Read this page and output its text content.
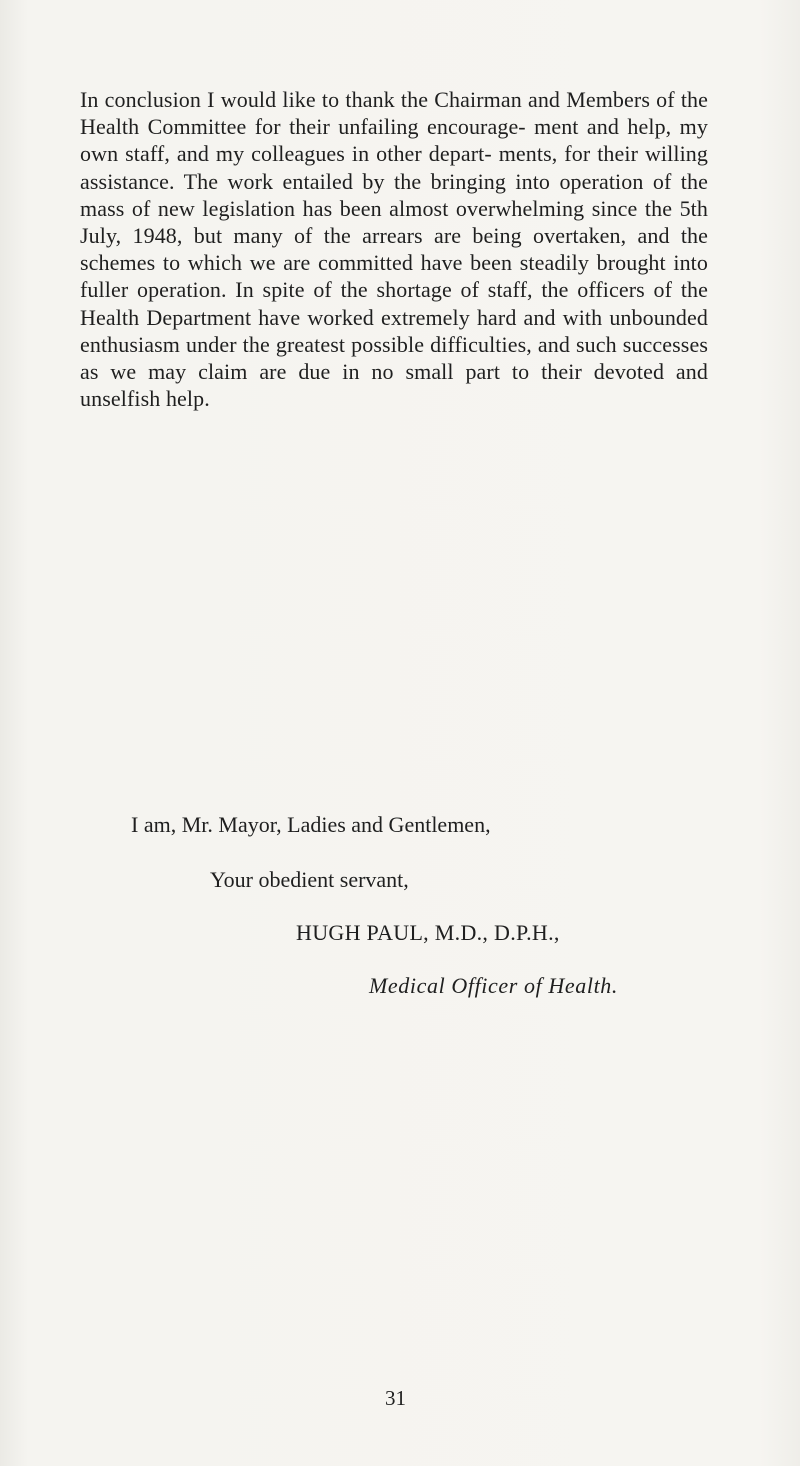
In conclusion I would like to thank the Chairman and Members of the Health Committee for their unfailing encourage- ment and help, my own staff, and my colleagues in other depart- ments, for their willing assistance. The work entailed by the bringing into operation of the mass of new legislation has been almost overwhelming since the 5th July, 1948, but many of the arrears are being overtaken, and the schemes to which we are committed have been steadily brought into fuller operation. In spite of the shortage of staff, the officers of the Health Department have worked extremely hard and with unbounded enthusiasm under the greatest possible difficulties, and such successes as we may claim are due in no small part to their devoted and unselfish help.

I am, Mr. Mayor, Ladies and Gentlemen,

Your obedient servant,

HUGH PAUL, M.D., D.P.H.,

Medical Officer of Health.

31
